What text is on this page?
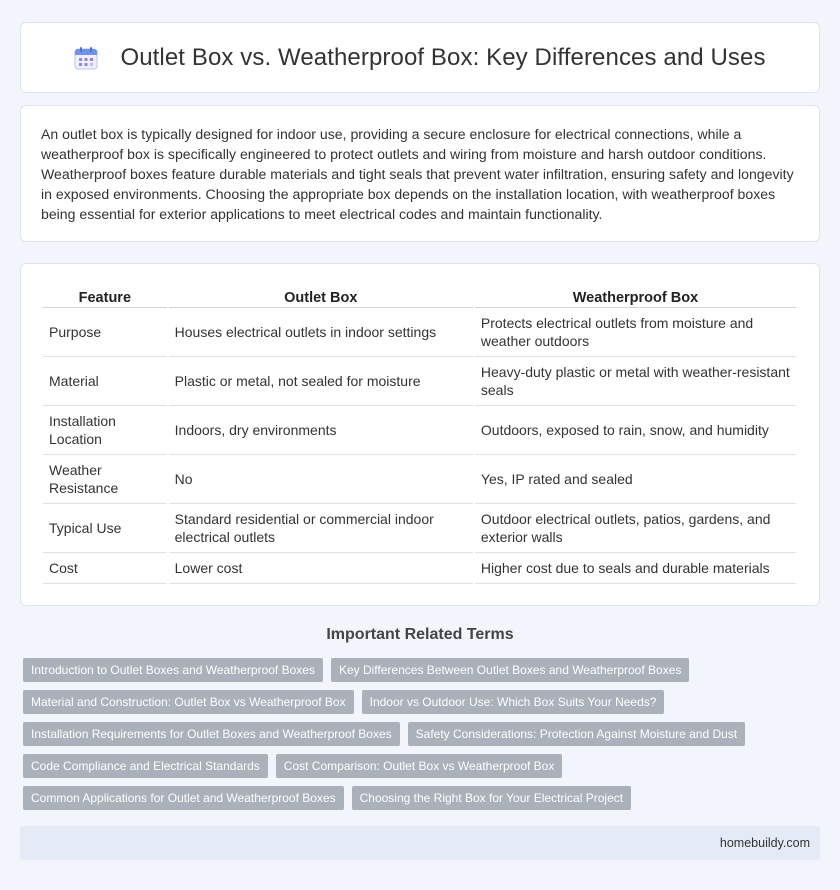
Outlet Box vs. Weatherproof Box: Key Differences and Uses

An outlet box is typically designed for indoor use, providing a secure enclosure for electrical connections, while a weatherproof box is specifically engineered to protect outlets and wiring from moisture and harsh outdoor conditions. Weatherproof boxes feature durable materials and tight seals that prevent water infiltration, ensuring safety and longevity in exposed environments. Choosing the appropriate box depends on the installation location, with weatherproof boxes being essential for exterior applications to meet electrical codes and maintain functionality.

Feature	Outlet Box	Weatherproof Box
Purpose	Houses electrical outlets in indoor settings	Protects electrical outlets from moisture and weather outdoors
Material	Plastic or metal, not sealed for moisture	Heavy-duty plastic or metal with weather-resistant seals
Installation Location	Indoors, dry environments	Outdoors, exposed to rain, snow, and humidity
Weather Resistance	No	Yes, IP rated and sealed
Typical Use	Standard residential or commercial indoor electrical outlets	Outdoor electrical outlets, patios, gardens, and exterior walls
Cost	Lower cost	Higher cost due to seals and durable materials
Important Related Terms
Introduction to Outlet Boxes and Weatherproof Boxes	Key Differences Between Outlet Boxes and Weatherproof Boxes
Material and Construction: Outlet Box vs Weatherproof Box	Indoor vs Outdoor Use: Which Box Suits Your Needs?
Installation Requirements for Outlet Boxes and Weatherproof Boxes	Safety Considerations: Protection Against Moisture and Dust
Code Compliance and Electrical Standards	Cost Comparison: Outlet Box vs Weatherproof Box
Common Applications for Outlet and Weatherproof Boxes	Choosing the Right Box for Your Electrical Project
homebuildy.com
